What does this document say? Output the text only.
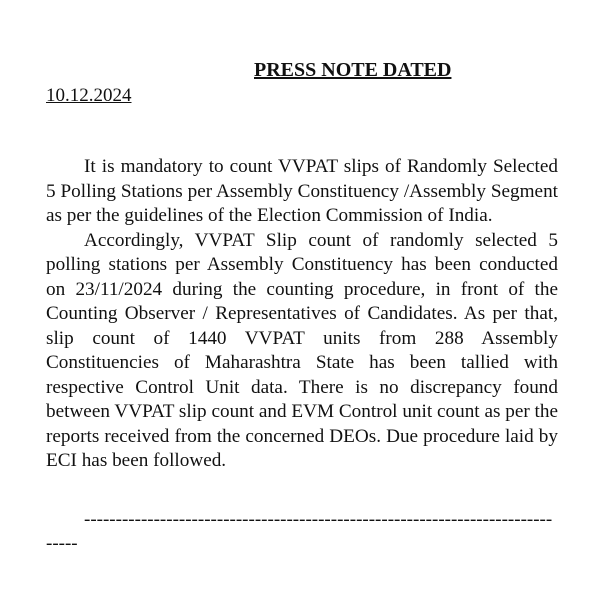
PRESS NOTE DATED

10.12.2024

It is mandatory to count VVPAT slips of Randomly Selected 5 Polling Stations per Assembly Constituency /Assembly Segment as per the guidelines of the Election Commission of India.

Accordingly, VVPAT Slip count of randomly selected 5 polling stations per Assembly Constituency has been conducted on 23/11/2024 during the counting procedure, in front of the Counting Observer / Representatives of Candidates. As per that, slip count of 1440 VVPAT units from 288 Assembly Constituencies of Maharashtra State has been tallied with respective Control Unit data. There is no discrepancy found between VVPAT slip count and EVM Control unit count as per the reports received from the concerned DEOs. Due procedure laid by ECI has been followed.

-------------------------------------------------------------------------------
